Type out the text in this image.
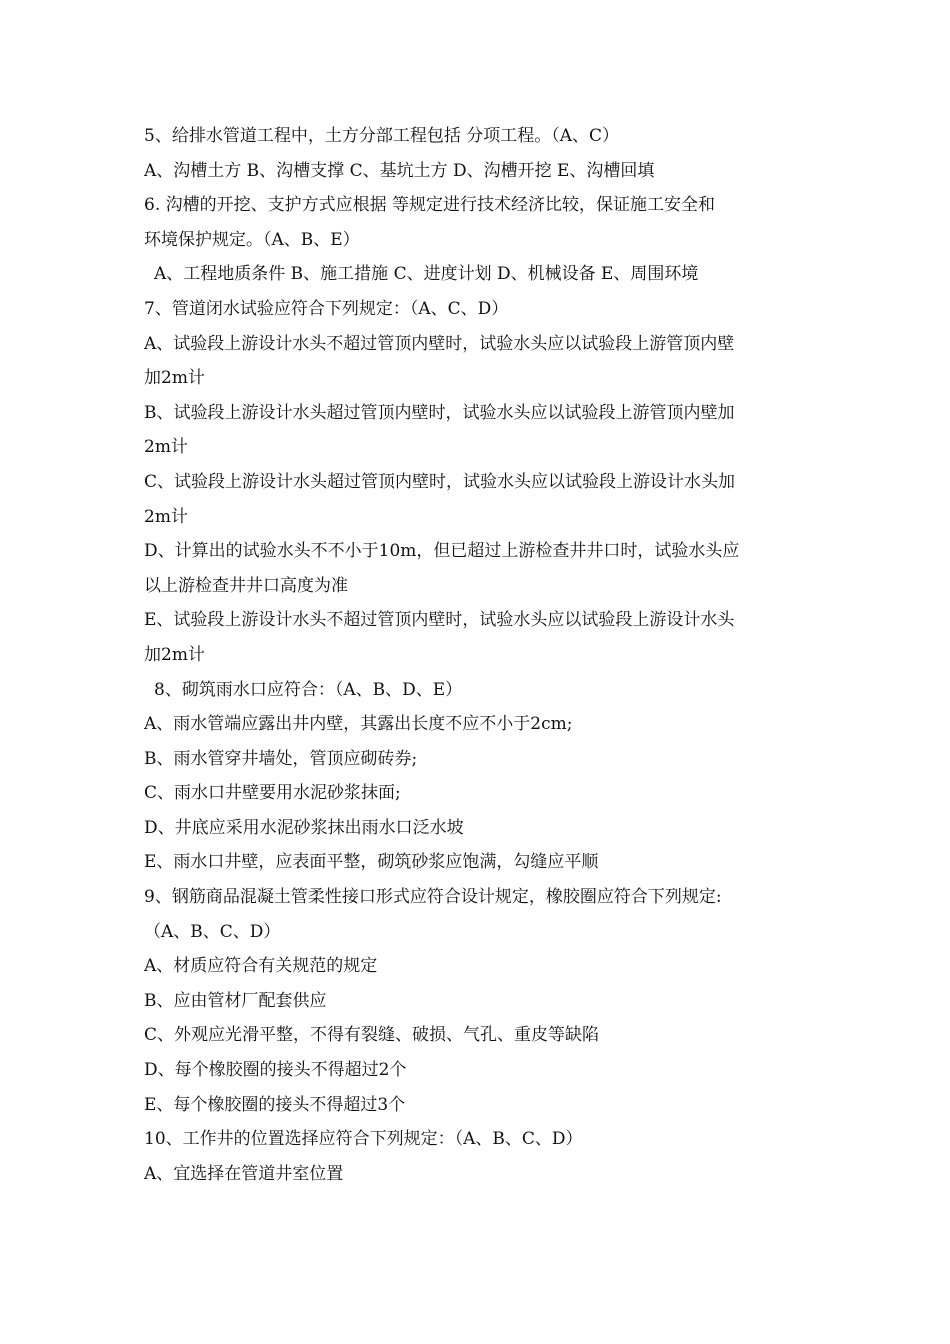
5、给排水管道工程中，土方分部工程包括 分项工程。（A、C）
A、沟槽土方 B、沟槽支撑 C、基坑土方 D、沟槽开挖 E、沟槽回填
6. 沟槽的开挖、支护方式应根据 等规定进行技术经济比较，保证施工安全和
环境保护规定。（A、B、E）
A、工程地质条件 B、施工措施 C、进度计划 D、机械设备 E、周围环境
7、管道闭水试验应符合下列规定：（A、C、D）
A、试验段上游设计水头不超过管顶内壁时，试验水头应以试验段上游管顶内壁
加2m计
B、试验段上游设计水头超过管顶内壁时，试验水头应以试验段上游管顶内壁加
2m计
C、试验段上游设计水头超过管顶内壁时，试验水头应以试验段上游设计水头加
2m计
D、计算出的试验水头不不小于10m，但已超过上游检查井井口时，试验水头应
以上游检查井井口高度为准
E、试验段上游设计水头不超过管顶内壁时，试验水头应以试验段上游设计水头
加2m计
8、砌筑雨水口应符合：（A、B、D、E）
A、雨水管端应露出井内壁，其露出长度不应不小于2cm;
B、雨水管穿井墙处，管顶应砌砖券;
C、雨水口井壁要用水泥砂浆抹面;
D、井底应采用水泥砂浆抹出雨水口泛水坡
E、雨水口井壁，应表面平整，砌筑砂浆应饱满，勾缝应平顺
9、钢筋商品混凝土管柔性接口形式应符合设计规定，橡胶圈应符合下列规定:
（A、B、C、D）
A、材质应符合有关规范的规定
B、应由管材厂配套供应
C、外观应光滑平整，不得有裂缝、破损、气孔、重皮等缺陷
D、每个橡胶圈的接头不得超过2个
E、每个橡胶圈的接头不得超过3个
10、工作井的位置选择应符合下列规定：（A、B、C、D）
A、宜选择在管道井室位置
